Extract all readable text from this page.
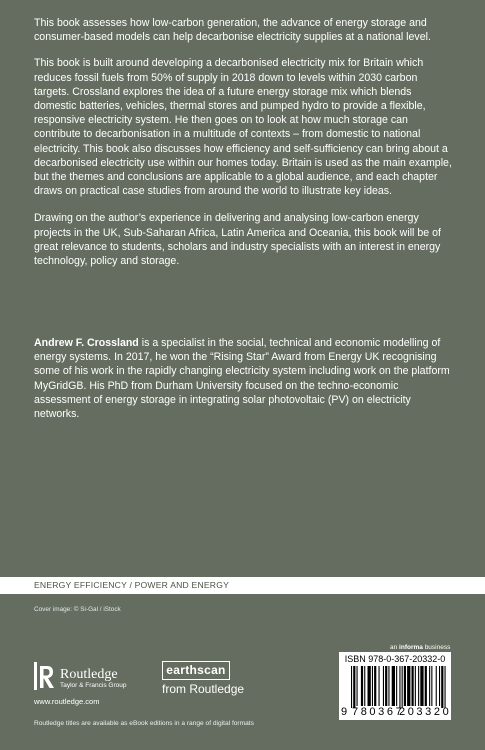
This book assesses how low-carbon generation, the advance of energy storage and consumer-based models can help decarbonise electricity supplies at a national level.

This book is built around developing a decarbonised electricity mix for Britain which reduces fossil fuels from 50% of supply in 2018 down to levels within 2030 carbon targets. Crossland explores the idea of a future energy storage mix which blends domestic batteries, vehicles, thermal stores and pumped hydro to provide a flexible, responsive electricity system. He then goes on to look at how much storage can contribute to decarbonisation in a multitude of contexts – from domestic to national electricity. This book also discusses how efficiency and self-sufficiency can bring about a decarbonised electricity use within our homes today. Britain is used as the main example, but the themes and conclusions are applicable to a global audience, and each chapter draws on practical case studies from around the world to illustrate key ideas.

Drawing on the author’s experience in delivering and analysing low-carbon energy projects in the UK, Sub-Saharan Africa, Latin America and Oceania, this book will be of great relevance to students, scholars and industry specialists with an interest in energy technology, policy and storage.

Andrew F. Crossland is a specialist in the social, technical and economic modelling of energy systems. In 2017, he won the “Rising Star” Award from Energy UK recognising some of his work in the rapidly changing electricity system including work on the platform MyGridGB. His PhD from Durham University focused on the techno-economic assessment of energy storage in integrating solar photovoltaic (PV) on electricity networks.
ENERGY EFFICIENCY / POWER AND ENERGY
Cover image: © Si-Gal / iStock
an informa business
Routledge
Taylor & Francis Group
www.routledge.com
earthscan
from Routledge
ISBN 978-0-367-20332-0
9 780367
203320
Routledge titles are available as eBook editions in a range of digital formats
